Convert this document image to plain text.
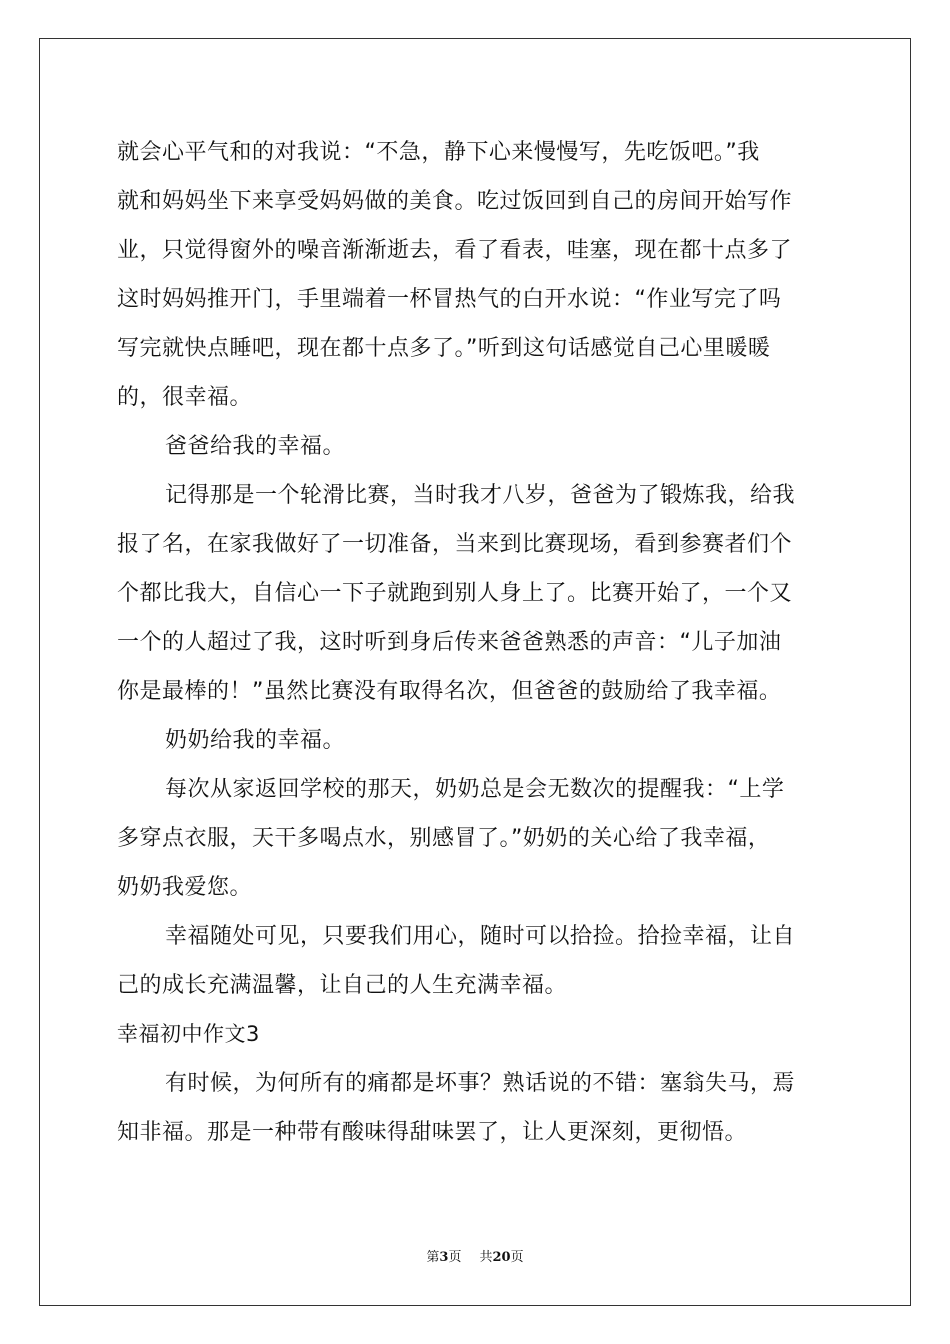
就会心平气和的对我说：“不急，静下心来慢慢写，先吃饭吧。”我
就和妈妈坐下来享受妈妈做的美食。吃过饭回到自己的房间开始写作
业，只觉得窗外的噪音渐渐逝去，看了看表，哇塞，现在都十点多了
这时妈妈推开门，手里端着一杯冒热气的白开水说：“作业写完了吗
写完就快点睡吧，现在都十点多了。”听到这句话感觉自己心里暖暖
的，很幸福。
爸爸给我的幸福。
记得那是一个轮滑比赛，当时我才八岁，爸爸为了锻炼我，给我
报了名，在家我做好了一切准备，当来到比赛现场，看到参赛者们个
个都比我大，自信心一下子就跑到别人身上了。比赛开始了，一个又
一个的人超过了我，这时听到身后传来爸爸熟悉的声音：“儿子加油
你是最棒的！”虽然比赛没有取得名次，但爸爸的鼓励给了我幸福。
奶奶给我的幸福。
每次从家返回学校的那天，奶奶总是会无数次的提醒我：“上学
多穿点衣服，天干多喝点水，别感冒了。”奶奶的关心给了我幸福，
奶奶我爱您。
幸福随处可见，只要我们用心，随时可以拾捡。拾捡幸福，让自
己的成长充满温馨，让自己的人生充满幸福。
幸福初中作文3
有时候，为何所有的痛都是坏事？熟话说的不错：塞翁失马，焉
知非福。那是一种带有酸味得甜味罢了，让人更深刻，更彻悟。
第3页 共20页
